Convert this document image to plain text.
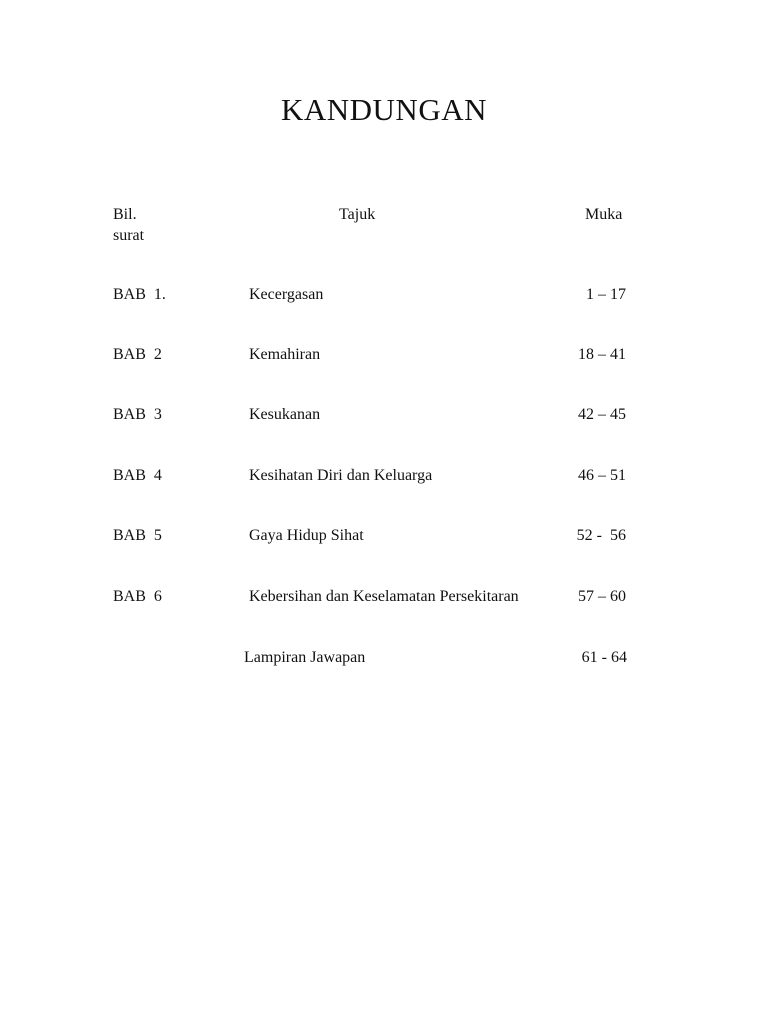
KANDUNGAN
Bil.
surat
Tajuk	Muka
BAB  1.	Kecergasan	1 – 17
BAB  2	Kemahiran	18 – 41
BAB  3	Kesukanan	42 – 45
BAB  4	Kesihatan Diri dan Keluarga	46 – 51
BAB  5	Gaya Hidup Sihat	52 -  56
BAB  6	Kebersihan dan Keselamatan Persekitaran	57 – 60
Lampiran Jawapan	61 - 64
